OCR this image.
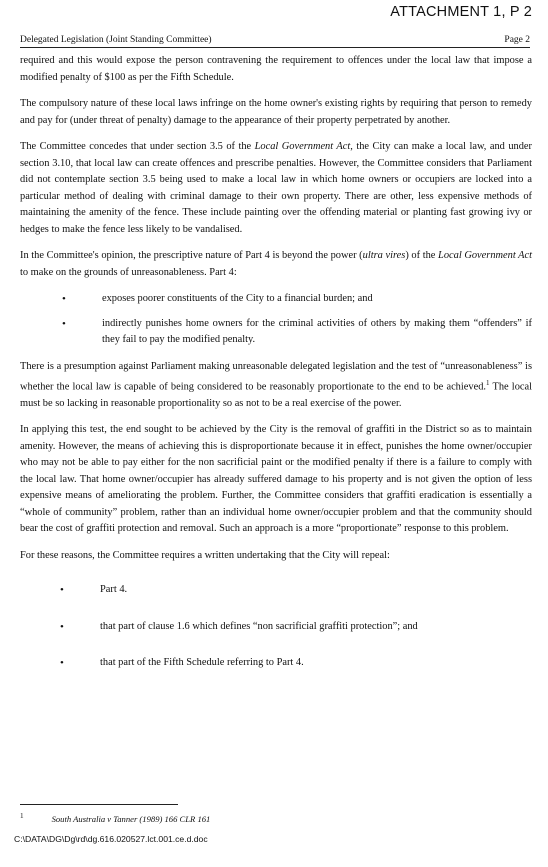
ATTACHMENT 1, P 2
Delegated Legislation (Joint Standing Committee)	Page 2

required and this would expose the person contravening the requirement to offences under the local law that impose a modified penalty of $100 as per the Fifth Schedule.

The compulsory nature of these local laws infringe on the home owner's existing rights by requiring that person to remedy and pay for (under threat of penalty) damage to the appearance of their property perpetrated by another.

The Committee concedes that under section 3.5 of the Local Government Act, the City can make a local law, and under section 3.10, that local law can create offences and prescribe penalties. However, the Committee considers that Parliament did not contemplate section 3.5 being used to make a local law in which home owners or occupiers are locked into a particular method of dealing with criminal damage to their own property. There are other, less expensive methods of maintaining the amenity of the fence. These include painting over the offending material or planting fast growing ivy or hedges to make the fence less likely to be vandalised.

In the Committee's opinion, the prescriptive nature of Part 4 is beyond the power (ultra vires) of the Local Government Act to make on the grounds of unreasonableness. Part 4:

•	exposes poorer constituents of the City to a financial burden; and
•	indirectly punishes home owners for the criminal activities of others by making them “offenders” if they fail to pay the modified penalty.

There is a presumption against Parliament making unreasonable delegated legislation and the test of “unreasonableness” is whether the local law is capable of being considered to be reasonably proportionate to the end to be achieved.$^1$ The local must be so lacking in reasonable proportionality so as not to be a real exercise of the power.

In applying this test, the end sought to be achieved by the City is the removal of graffiti in the District so as to maintain amenity. However, the means of achieving this is disproportionate because it in effect, punishes the home owner/occupier who may not be able to pay either for the non sacrificial paint or the modified penalty if there is a failure to comply with the local law. That home owner/occupier has already suffered damage to his property and is not given the option of less expensive means of ameliorating the problem. Further, the Committee considers that graffiti eradication is essentially a “whole of community” problem, rather than an individual home owner/occupier problem and that the community should bear the cost of graffiti protection and removal. Such an approach is a more “proportionate” response to this problem.

For these reasons, the Committee requires a written undertaking that the City will repeal:

•	Part 4.
•	that part of clause 1.6 which defines “non sacrificial graffiti protection”; and
•	that part of the Fifth Schedule referring to Part 4.
$^1$	South Australia v Tanner (1989) 166 CLR 161
C:\DATA\DG\Dg\rd\dg.616.020527.lct.001.ce.d.doc
